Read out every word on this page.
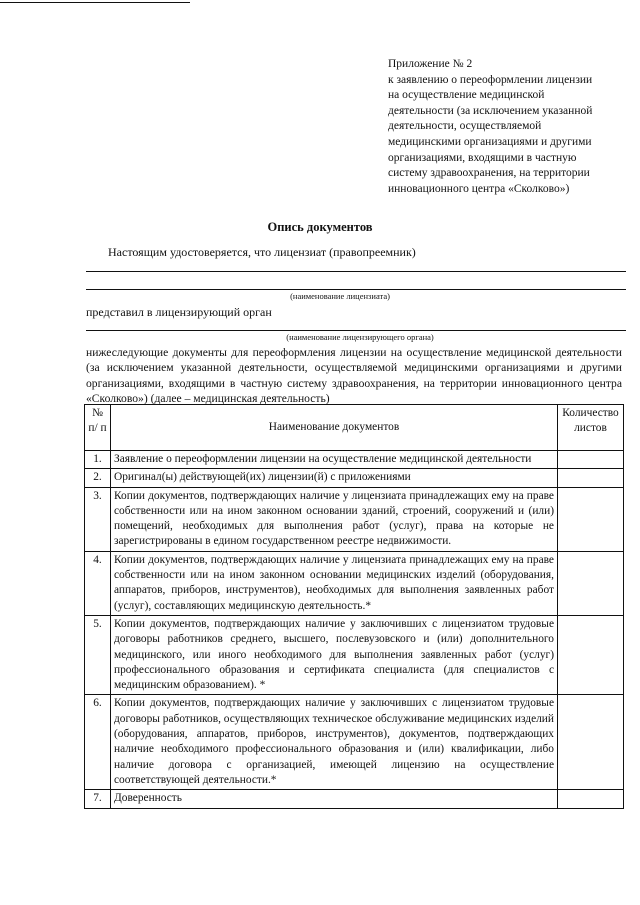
Приложение № 2
к заявлению о переоформлении лицензии
на осуществление медицинской
деятельности (за исключением указанной
деятельности, осуществляемой
медицинскими организациями и другими
организациями, входящими в частную
систему здравоохранения, на территории
инновационного центра «Сколково»)
Опись документов
Настоящим удостоверяется, что лицензиат (правопреемник)
(наименование лицензиата)
представил в лицензирующий орган
(наименование лицензирующего органа)
нижеследующие документы для переоформления лицензии на осуществление медицинской деятельности (за исключением указанной деятельности, осуществляемой медицинскими организациями и другими организациями, входящими в частную систему здравоохранения, на территории инновационного центра «Сколково») (далее – медицинская деятельность)
№ п/ п	Наименование документов	Количество листов
1.	Заявление о переоформлении лицензии на осуществление медицинской деятельности	
2.	Оригинал(ы) действующей(их) лицензии(й) с приложениями	
3.	Копии документов, подтверждающих наличие у лицензиата принадлежащих ему на праве собственности или на ином законном основании зданий, строений, сооружений и (или) помещений, необходимых для выполнения работ (услуг), права на которые не зарегистрированы в едином государственном реестре недвижимости.	
4.	Копии документов, подтверждающих наличие у лицензиата принадлежащих ему на праве собственности или на ином законном основании медицинских изделий (оборудования, аппаратов, приборов, инструментов), необходимых для выполнения заявленных работ (услуг), составляющих медицинскую деятельность.*	
5.	Копии документов, подтверждающих наличие у заключивших с лицензиатом трудовые договоры работников среднего, высшего, послевузовского и (или) дополнительного медицинского, или иного необходимого для выполнения заявленных работ (услуг) профессионального образования и сертификата специалиста (для специалистов с медицинским образованием). *	
6.	Копии документов, подтверждающих наличие у заключивших с лицензиатом трудовые договоры работников, осуществляющих техническое обслуживание медицинских изделий (оборудования, аппаратов, приборов, инструментов), документов, подтверждающих наличие необходимого профессионального образования и (или) квалификации, либо наличие договора с организацией, имеющей лицензию на осуществление соответствующей деятельности.*	
7.	Доверенность	
